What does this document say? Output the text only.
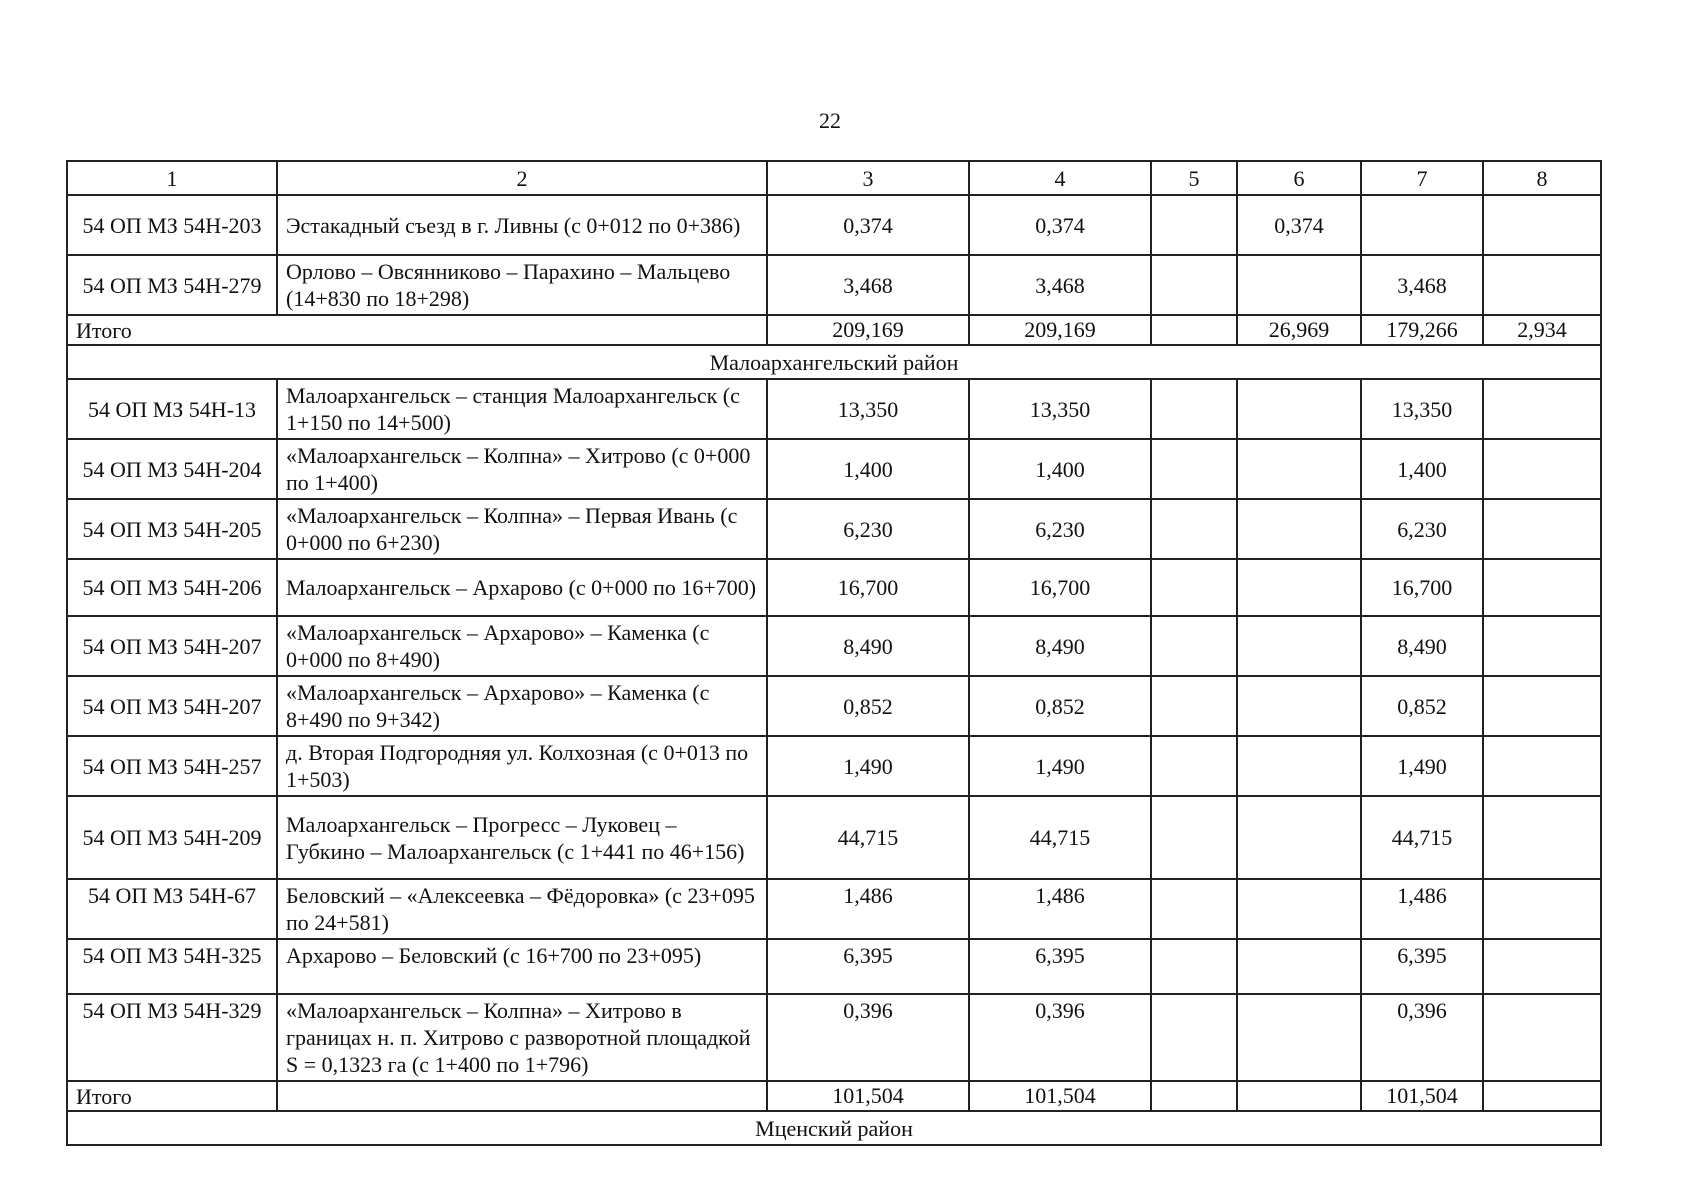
22
1	2	3	4	5	6	7	8
54 ОП МЗ 54Н-203	Эстакадный съезд в г. Ливны (с 0+012 по 0+386)	0,374	0,374		0,374		
54 ОП МЗ 54Н-279	Орлово – Овсянниково – Парахино – Мальцево (14+830 по 18+298)	3,468	3,468			3,468	
Итого		209,169	209,169		26,969	179,266	2,934
Малоархангельский район							
54 ОП МЗ 54Н-13	Малоархангельск – станция Малоархангельск (с 1+150 по 14+500)	13,350	13,350			13,350	
54 ОП МЗ 54Н-204	«Малоархангельск – Колпна» – Хитрово (с 0+000 по 1+400)	1,400	1,400			1,400	
54 ОП МЗ 54Н-205	«Малоархангельск – Колпна» – Первая Ивань (с 0+000 по 6+230)	6,230	6,230			6,230	
54 ОП МЗ 54Н-206	Малоархангельск – Архарово (с 0+000 по 16+700)	16,700	16,700			16,700	
54 ОП МЗ 54Н-207	«Малоархангельск – Архарово» – Каменка (с 0+000 по 8+490)	8,490	8,490			8,490	
54 ОП МЗ 54Н-207	«Малоархангельск – Архарово» – Каменка (с 8+490 по 9+342)	0,852	0,852			0,852	
54 ОП МЗ 54Н-257	д. Вторая Подгородняя ул. Колхозная (с 0+013 по 1+503)	1,490	1,490			1,490	
54 ОП МЗ 54Н-209	Малоархангельск – Прогресс – Луковец – Губкино – Малоархангельск (с 1+441 по 46+156)	44,715	44,715			44,715	
54 ОП МЗ 54Н-67	Беловский – «Алексеевка – Фёдоровка» (с 23+095 по 24+581)	1,486	1,486			1,486	
54 ОП МЗ 54Н-325	Архарово – Беловский (с 16+700 по 23+095)	6,395	6,395			6,395	
54 ОП МЗ 54Н-329	«Малоархангельск – Колпна» – Хитрово в границах н. п. Хитрово с разворотной площадкой S = 0,1323 га (с 1+400 по 1+796)	0,396	0,396			0,396	
Итого		101,504	101,504			101,504	
Мценский район							
